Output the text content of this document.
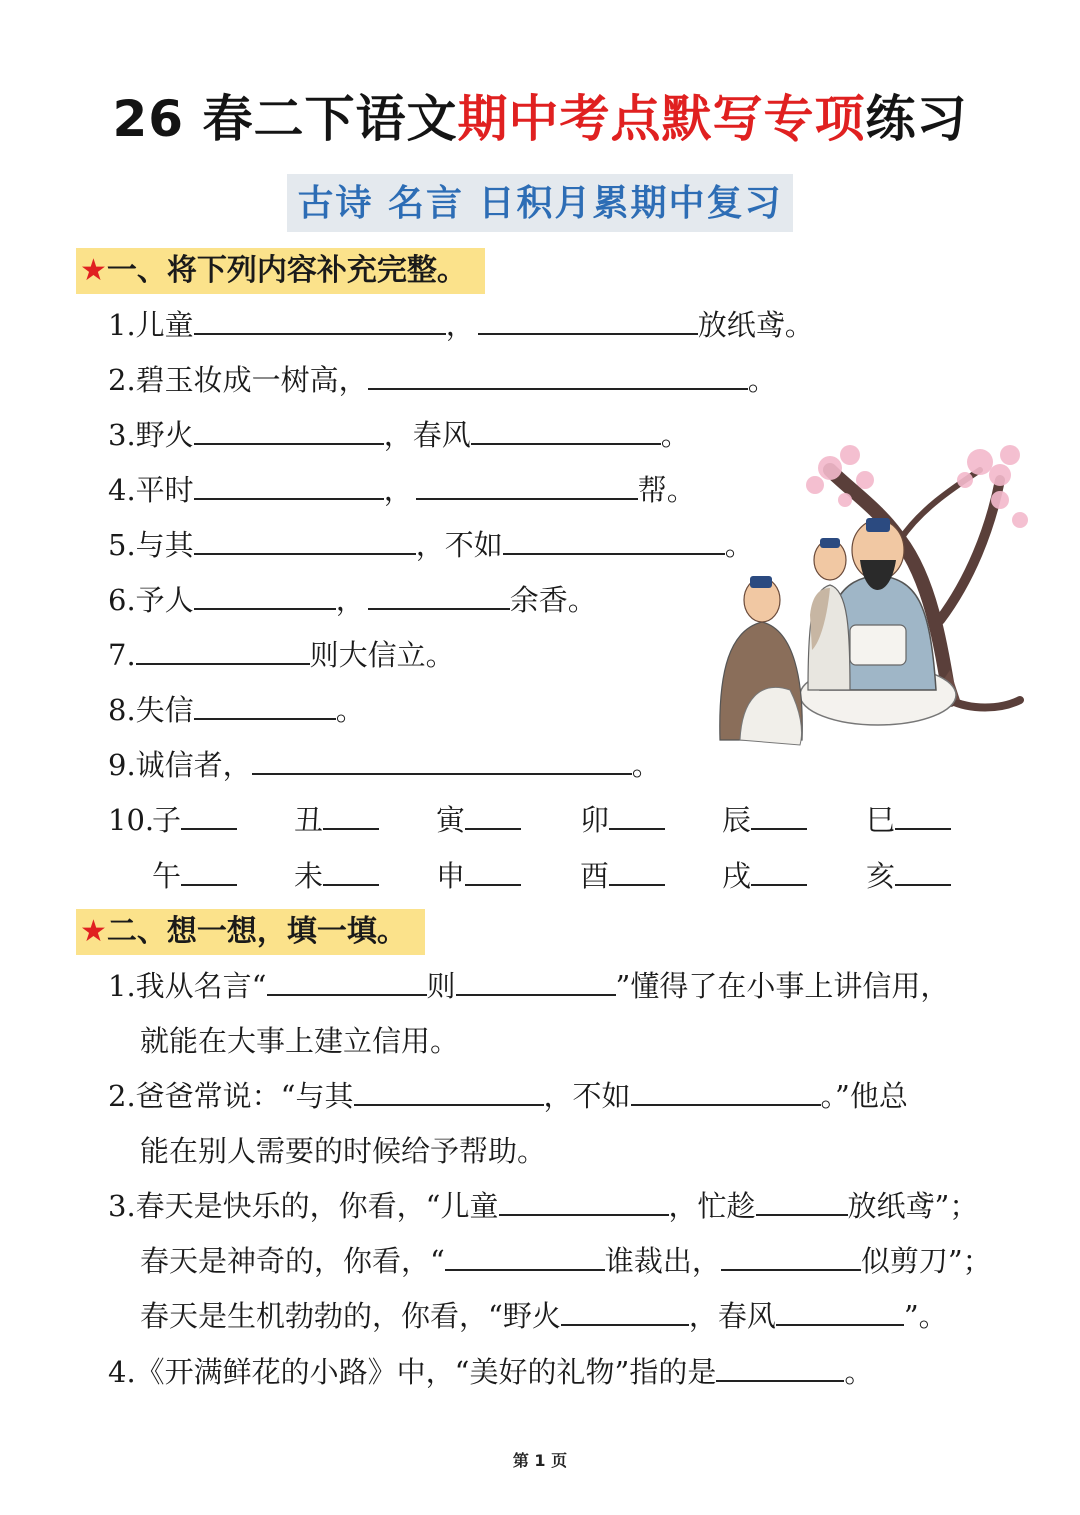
26 春二下语文期中考点默写专项练习
古诗 名言 日积月累期中复习
★一、将下列内容补充完整。
1.儿童	，	放纸鸢。
2.碧玉妆成一树高，	。
3.野火	，春风	。
4.平时	，	帮。
5.与其	，不如	。
6.予人	，	余香。
7.	则大信立。
8.失信	。
9.诚信者，	。
10.
子	丑	寅	卯	辰	巳
午	未	申	酉	戌	亥
★二、想一想，填一填。
1.我从名言“	则	”懂得了在小事上讲信用，
就能在大事上建立信用。
2.爸爸常说：“与其	，不如	。”他总
能在别人需要的时候给予帮助。
3.春天是快乐的，你看，“儿童	，忙趁	放纸鸢”；
春天是神奇的，你看，“	谁裁出，	似剪刀”；
春天是生机勃勃的，你看，“野火	，春风	”。
4.《开满鲜花的小路》中，“美好的礼物”指的是	。
第 1 页
